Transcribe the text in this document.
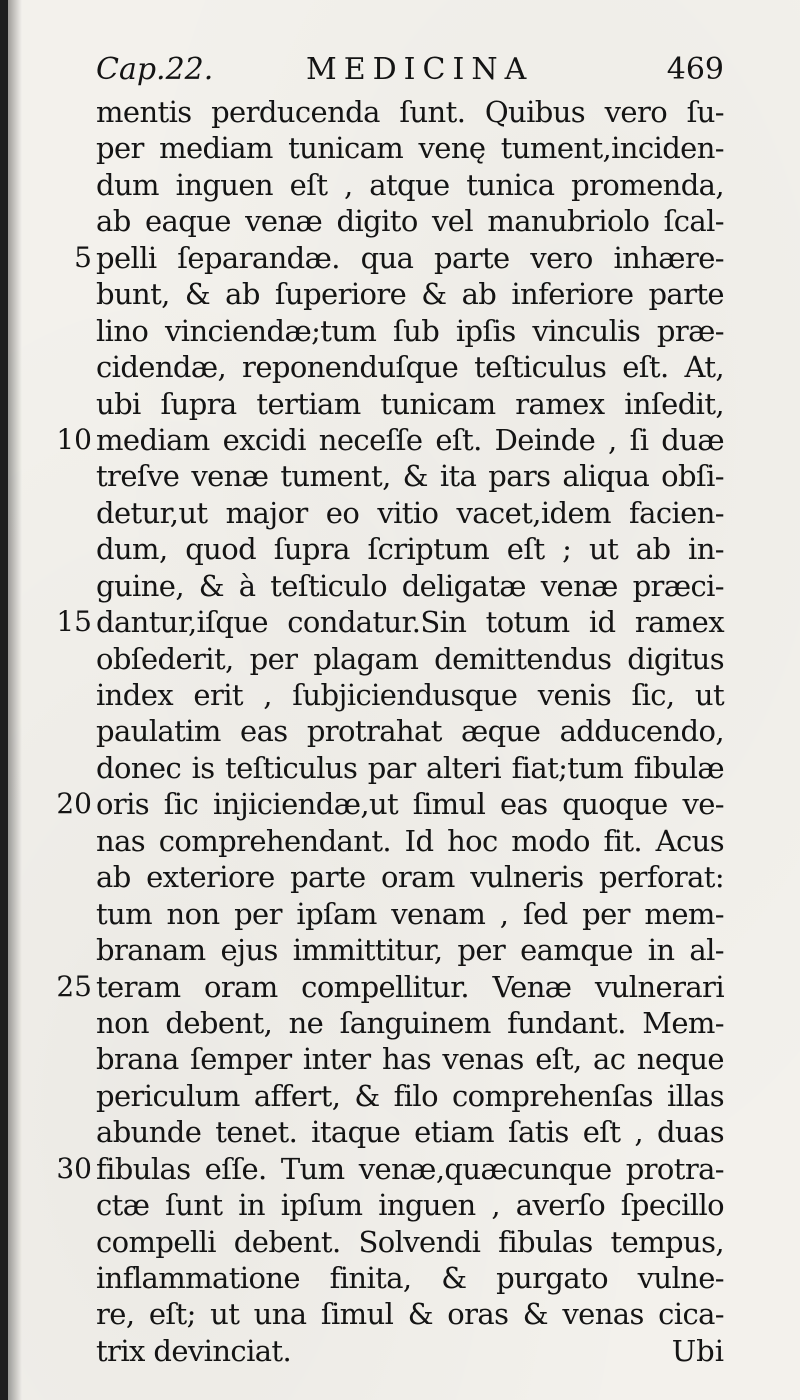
Cap.22.	MEDICINA	469
mentis perducenda ſunt. Quibus vero ſu-
per mediam tunicam venę tument,inciden-
dum inguen eſt , atque tunica promenda,
ab eaque venæ digito vel manubriolo ſcal-
5 pelli ſeparandæ. qua parte vero inhære-
bunt, & ab ſuperiore & ab inferiore parte
lino vinciendæ;tum ſub ipſis vinculis præ-
cidendæ, reponenduſque teſticulus eſt. At,
ubi ſupra tertiam tunicam ramex inſedit,
10 mediam excidi neceſſe eſt. Deinde , ſi duæ
treſve venæ tument, & ita pars aliqua obſi-
detur,ut major eo vitio vacet,idem facien-
dum, quod ſupra ſcriptum eſt ; ut ab in-
guine, & à teſticulo deligatæ venæ præci-
15 dantur,iſque condatur.Sin totum id ramex
obſederit, per plagam demittendus digitus
index erit , ſubjiciendusque venis ſic, ut
paulatim eas protrahat æque adducendo,
donec is teſticulus par alteri fiat;tum fibulæ
20 oris ſic injiciendæ,ut ſimul eas quoque ve-
nas comprehendant. Id hoc modo fit. Acus
ab exteriore parte oram vulneris perforat:
tum non per ipſam venam , ſed per mem-
branam ejus immittitur, per eamque in al-
25 teram oram compellitur. Venæ vulnerari
non debent, ne ſanguinem fundant. Mem-
brana ſemper inter has venas eſt, ac neque
periculum affert, & filo comprehenſas illas
abunde tenet. itaque etiam ſatis eſt , duas
30 fibulas eſſe. Tum venæ,quæcunque protra-
ctæ ſunt in ipſum inguen , averſo ſpecillo
compelli debent. Solvendi fibulas tempus,
inflammatione finita, & purgato vulne-
re, eſt; ut una ſimul & oras & venas cica-
trix devinciat.	Ubi
